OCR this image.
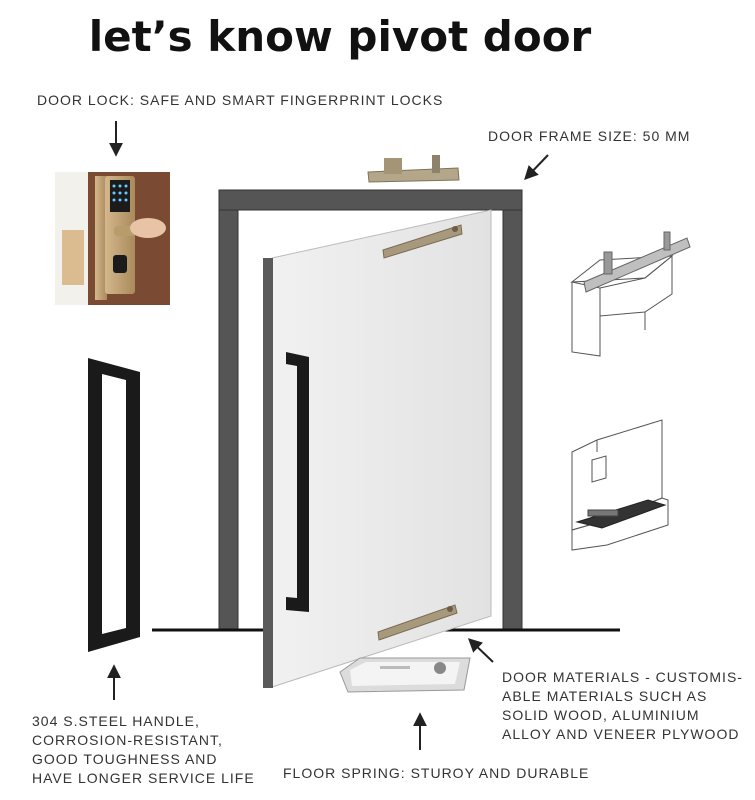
let’s know pivot door
DOOR LOCK: SAFE AND SMART FINGERPRINT LOCKS
DOOR FRAME SIZE: 50 MM
304 S.STEEL HANDLE,
CORROSION-RESISTANT,
GOOD TOUGHNESS AND
HAVE LONGER SERVICE LIFE
DOOR MATERIALS - CUSTOMIS-
ABLE MATERIALS SUCH AS
SOLID WOOD, ALUMINIUM
ALLOY AND VENEER PLYWOOD
FLOOR SPRING: STUROY AND DURABLE
